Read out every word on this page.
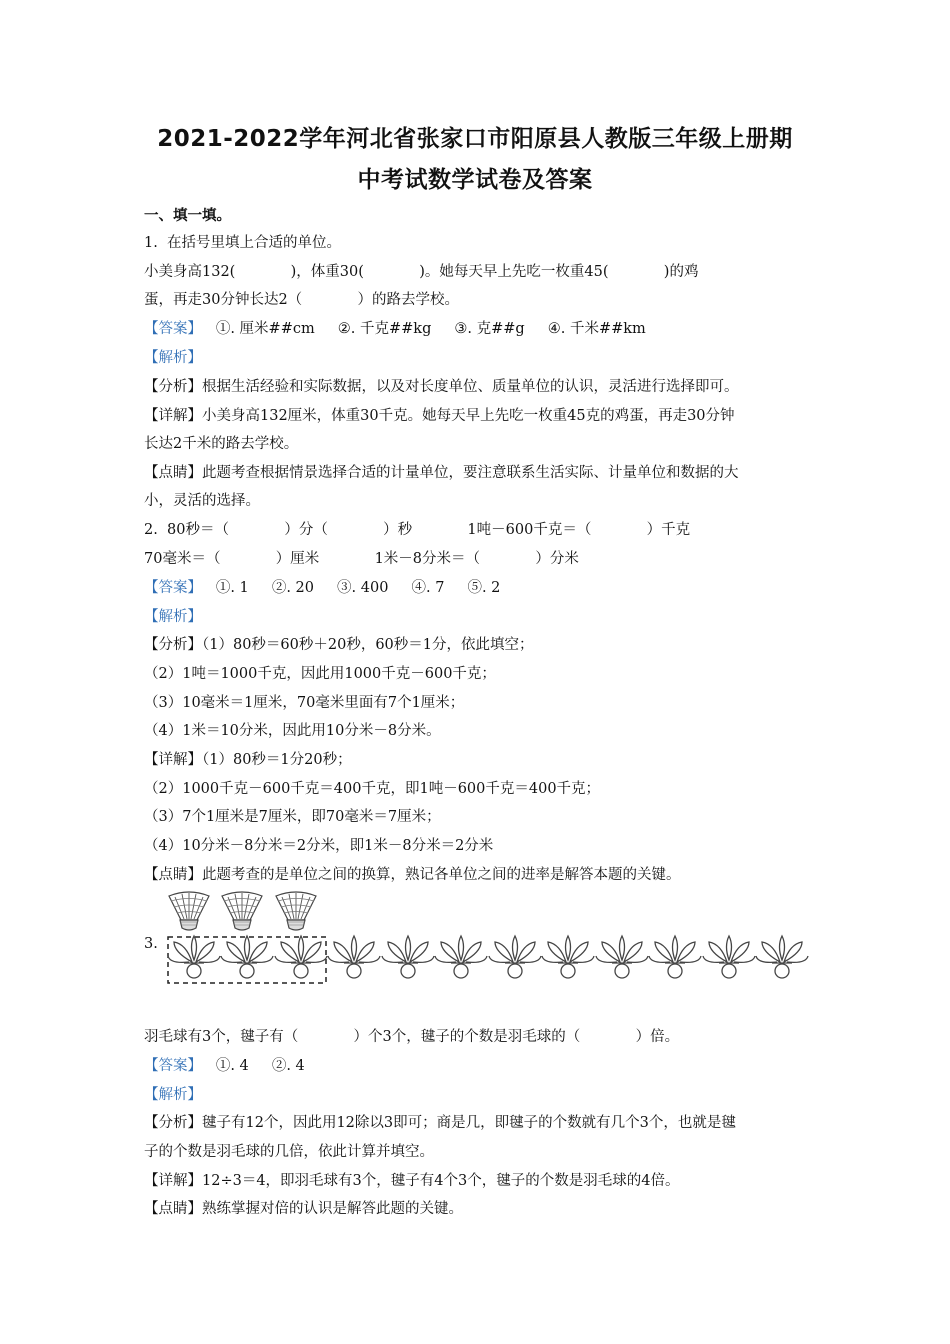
2021-2022学年河北省张家口市阳原县人教版三年级上册期
中考试数学试卷及答案
一、填一填。
1.  在括号里填上合适的单位。
小美身高132(            )，体重30(            )。她每天早上先吃一枚重45(            )的鸡
蛋，再走30分钟长达2（            ）的路去学校。
【答案】   ①. 厘米##cm     ②. 千克##kg     ③. 克##g     ④. 千米##km
【解析】
【分析】根据生活经验和实际数据，以及对长度单位、质量单位的认识，灵活进行选择即可。
【详解】小美身高132厘米，体重30千克。她每天早上先吃一枚重45克的鸡蛋，再走30分钟
长达2千米的路去学校。
【点睛】此题考查根据情景选择合适的计量单位，要注意联系生活实际、计量单位和数据的大
小，灵活的选择。
2.  80秒＝（            ）分（            ）秒            1吨－600千克＝（            ）千克
70毫米＝（            ）厘米            1米－8分米＝（            ）分米
【答案】   ①. 1     ②. 20     ③. 400     ④. 7     ⑤. 2
【解析】
【分析】（1）80秒＝60秒＋20秒，60秒＝1分，依此填空；
（2）1吨＝1000千克，因此用1000千克－600千克；
（3）10毫米＝1厘米，70毫米里面有7个1厘米；
（4）1米＝10分米，因此用10分米－8分米。
【详解】（1）80秒＝1分20秒；
（2）1000千克－600千克＝400千克，即1吨－600千克＝400千克；
（3）7个1厘米是7厘米，即70毫米＝7厘米；
（4）10分米－8分米＝2分米，即1米－8分米＝2分米
【点睛】此题考查的是单位之间的换算，熟记各单位之间的进率是解答本题的关键。
3.
羽毛球有3个，毽子有（            ）个3个，毽子的个数是羽毛球的（            ）倍。
【答案】   ①. 4     ②. 4
【解析】
【分析】毽子有12个，因此用12除以3即可；商是几，即毽子的个数就有几个3个，也就是毽
子的个数是羽毛球的几倍，依此计算并填空。
【详解】12÷3＝4，即羽毛球有3个，毽子有4个3个，毽子的个数是羽毛球的4倍。
【点睛】熟练掌握对倍的认识是解答此题的关键。
